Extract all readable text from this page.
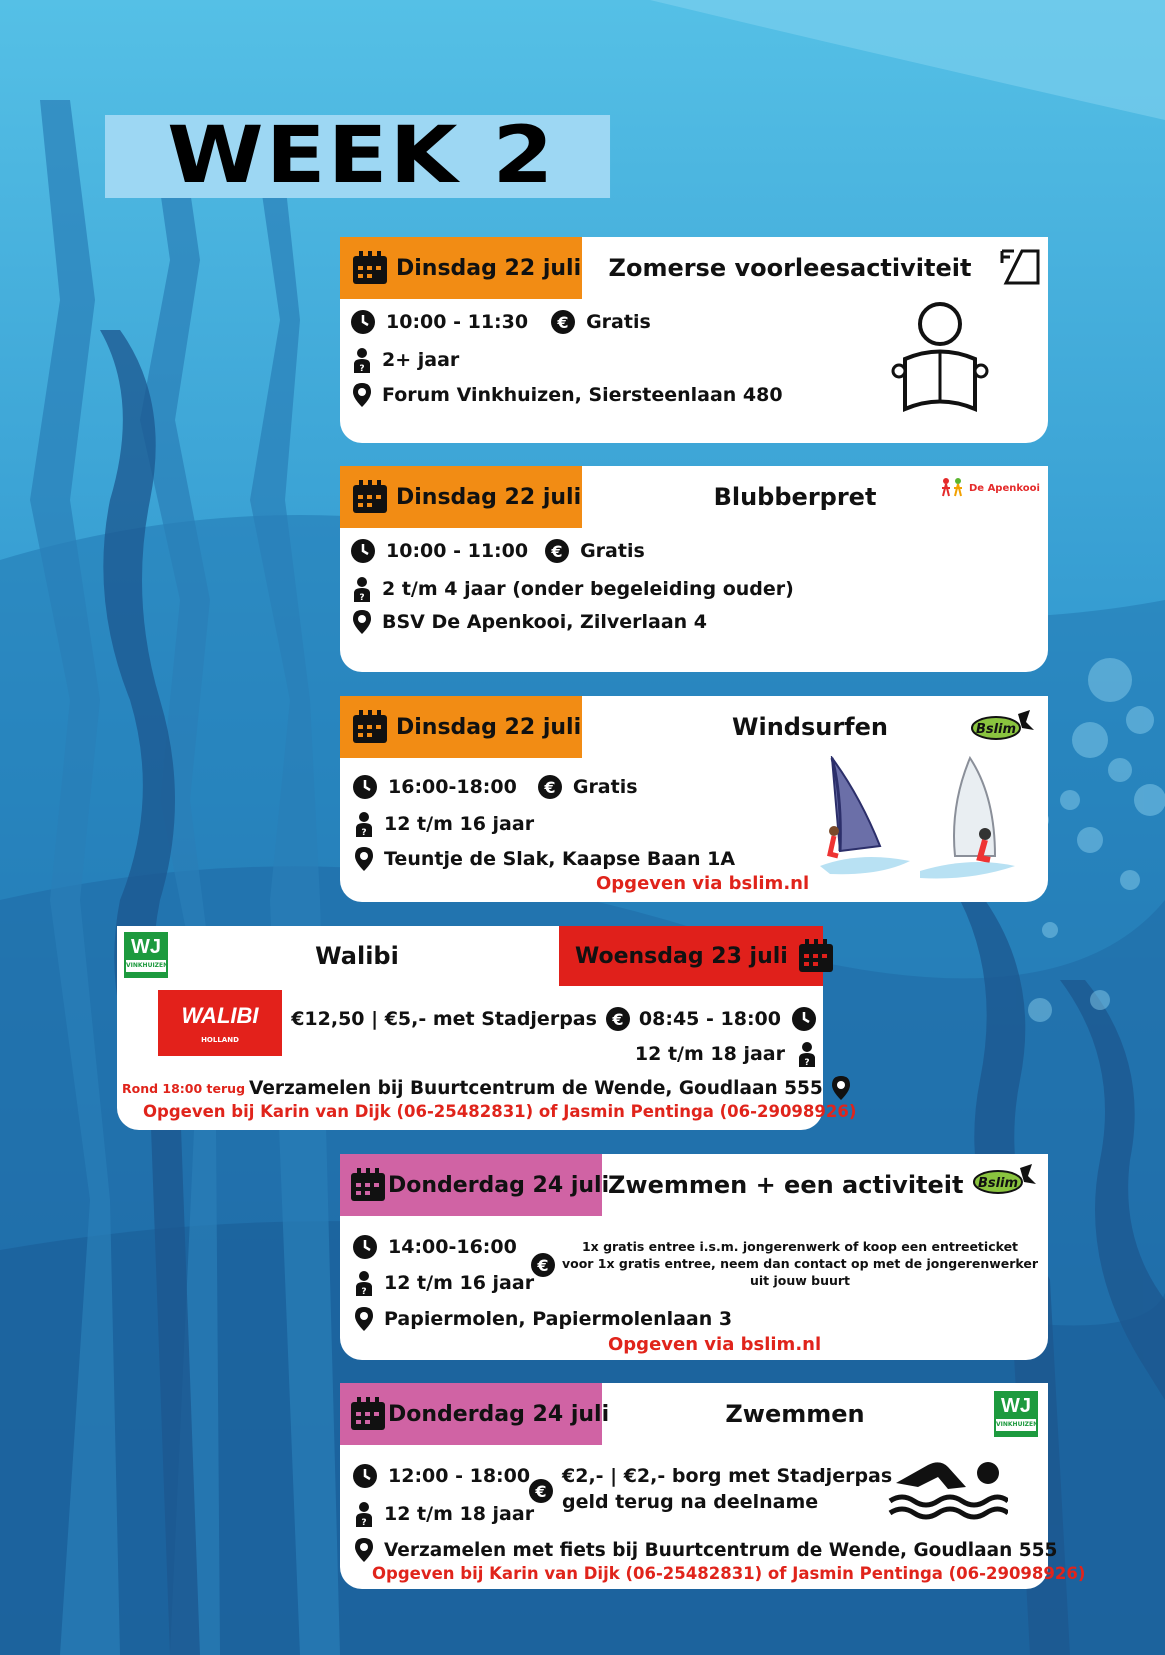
WEEK 2
Dinsdag 22 juli	Zomerse voorleesactiviteit
10:00 - 11:30 € Gratis
? 2+ jaar
Forum Vinkhuizen, Siersteenlaan 480
Dinsdag 22 juli	Blubberpret	De Apenkooi
10:00 - 11:00 € Gratis
? 2 t/m 4 jaar (onder begeleiding ouder)
BSV De Apenkooi, Zilverlaan 4
Dinsdag 22 juli	Windsurfen	Bslim
16:00-18:00 € Gratis
? 12 t/m 16 jaar
Teuntje de Slak, Kaapse Baan 1A
Opgeven via bslim.nl
WJ
VINKHUIZEN	Walibi	Woensdag 23 juli
WALIBI
HOLLAND
€12,50 | €5,- met Stadjerpas € 08:45 - 18:00
12 t/m 18 jaar ?
Rond 18:00 terug Verzamelen bij Buurtcentrum de Wende, Goudlaan 555
Opgeven bij Karin van Dijk (06-25482831) of Jasmin Pentinga (06-29098926)
Donderdag 24 juli
Zwemmen + een activiteit Bslim
14:00-16:00
? 12 t/m 16 jaar
€
1x gratis entree i.s.m. jongerenwerk of koop een entreeticket
voor 1x gratis entree, neem dan contact op met de jongerenwerker
uit jouw buurt
Papiermolen, Papiermolenlaan 3
Opgeven via bslim.nl
Donderdag 24 juli	Zwemmen	WJ
VINKHUIZEN
12:00 - 18:00
? 12 t/m 18 jaar
€
€2,- | €2,- borg met Stadjerpas
geld terug na deelname
Verzamelen met fiets bij Buurtcentrum de Wende, Goudlaan 555
Opgeven bij Karin van Dijk (06-25482831) of Jasmin Pentinga (06-29098926)
